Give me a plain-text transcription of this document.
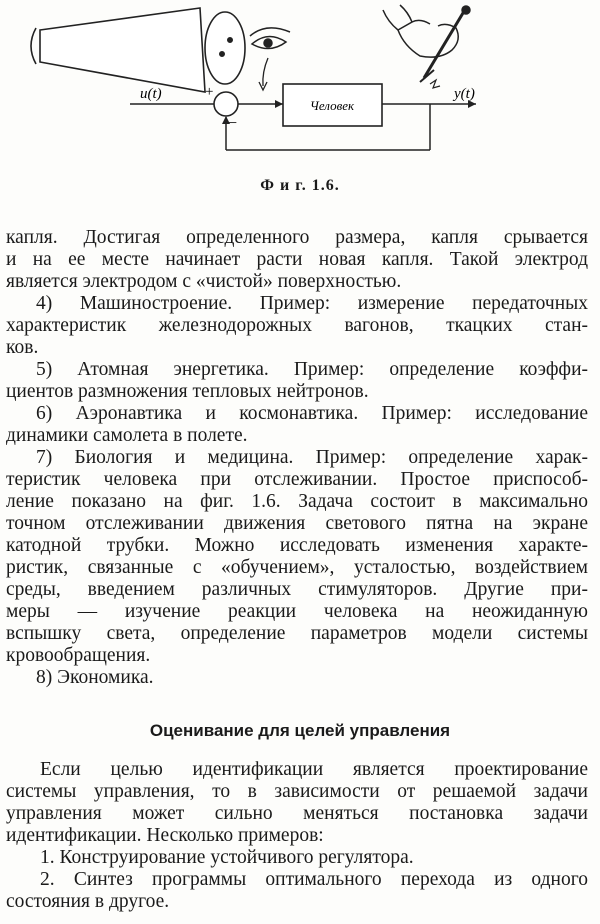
Человек
u(t)	+
−
y(t)
Ф и г. 1.6.
капля. Достигая определенного размера, капля срывается
и на ее месте начинает расти новая капля. Такой электрод
является электродом с «чистой» поверхностью.
4) Машиностроение. Пример: измерение передаточных
характеристик железнодорожных вагонов, ткацких стан-
ков.
5) Атомная энергетика. Пример: определение коэффи-
циентов размножения тепловых нейтронов.
6) Аэронавтика и космонавтика. Пример: исследование
динамики самолета в полете.
7) Биология и медицина. Пример: определение харак-
теристик человека при отслеживании. Простое приспособ-
ление показано на фиг. 1.6. Задача состоит в максимально
точном отслеживании движения светового пятна на экране
катодной трубки. Можно исследовать изменения характе-
ристик, связанные с «обучением», усталостью, воздействием
среды, введением различных стимуляторов. Другие при-
меры — изучение реакции человека на неожиданную
вспышку света, определение параметров модели системы
кровообращения.
8) Экономика.
Оценивание для целей управления
Если целью идентификации является проектирование
системы управления, то в зависимости от решаемой задачи
управления может сильно меняться постановка задачи
идентификации. Несколько примеров:
1. Конструирование устойчивого регулятора.
2. Синтез программы оптимального перехода из одного
состояния в другое.
